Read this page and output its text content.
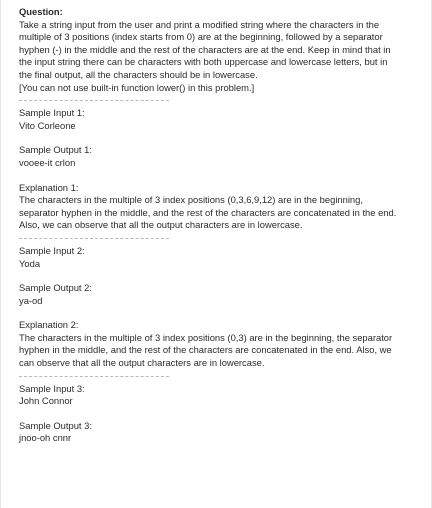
Question:
Take a string input from the user and print a modified string where the characters in the
multiple of 3 positions (index starts from 0) are at the beginning, followed by a separator
hyphen (-) in the middle and the rest of the characters are at the end. Keep in mind that in
the input string there can be characters with both uppercase and lowercase letters, but in
the final output, all the characters should be in lowercase.
[You can not use built-in function lower() in this problem.]
Sample Input 1:
Vito Corleone
Sample Output 1:
vooee-it crlon
Explanation 1:
The characters in the multiple of 3 index positions (0,3,6,9,12) are in the beginning,
separator hyphen in the middle, and the rest of the characters are concatenated in the end.
Also, we can observe that all the output characters are in lowercase.
Sample Input 2:
Yoda
Sample Output 2:
ya-od
Explanation 2:
The characters in the multiple of 3 index positions (0,3) are in the beginning, the separator
hyphen in the middle, and the rest of the characters are concatenated in the end. Also, we
can observe that all the output characters are in lowercase.
Sample Input 3:
John Connor
Sample Output 3:
jnoo-oh cnnr
